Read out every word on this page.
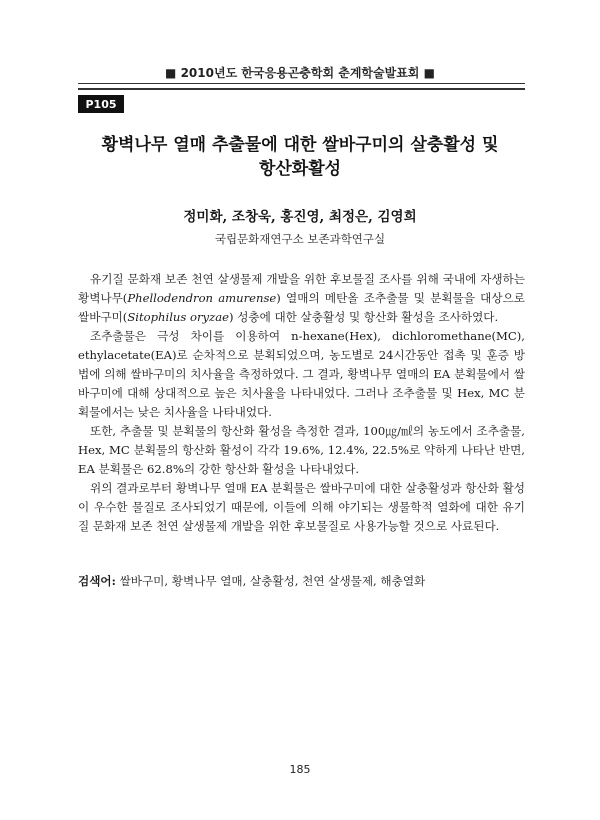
■ 2010년도 한국응용곤충학회 춘계학술발표회 ■
P105
황벽나무 열매 추출물에 대한 쌀바구미의 살충활성 및
항산화활성
정미화, 조창욱, 홍진영, 최정은, 김영희
국립문화재연구소 보존과학연구실

유기질 문화재 보존 천연 살생물제 개발을 위한 후보물질 조사를 위해 국내에 자생하는 황벽나무(Phellodendron amurense) 열매의 메탄올 조추출물 및 분획물을 대상으로 쌀바구미(Sitophilus oryzae) 성충에 대한 살충활성 및 항산화 활성을 조사하였다.

조추출물은 극성 차이를 이용하여 n-hexane(Hex), dichloromethane(MC), ethylacetate(EA)로 순차적으로 분획되었으며, 농도별로 24시간동안 접촉 및 훈증 방법에 의해 쌀바구미의 치사율을 측정하였다. 그 결과, 황벽나무 열매의 EA 분획물에서 쌀바구미에 대해 상대적으로 높은 치사율을 나타내었다. 그러나 조추출물 및 Hex, MC 분획물에서는 낮은 치사율을 나타내었다.

또한, 추출물 및 분획물의 항산화 활성을 측정한 결과, 100㎍/㎖의 농도에서 조추출물, Hex, MC 분획물의 항산화 활성이 각각 19.6%, 12.4%, 22.5%로 약하게 나타난 반면, EA 분획물은 62.8%의 강한 항산화 활성을 나타내었다.

위의 결과로부터 황벽나무 열매 EA 분획물은 쌀바구미에 대한 살충활성과 항산화 활성이 우수한 물질로 조사되었기 때문에, 이들에 의해 야기되는 생물학적 열화에 대한 유기질 문화재 보존 천연 살생물제 개발을 위한 후보물질로 사용가능할 것으로 사료된다.

검색어: 쌀바구미, 황벽나무 열매, 살충활성, 천연 살생물제, 해충열화
185
